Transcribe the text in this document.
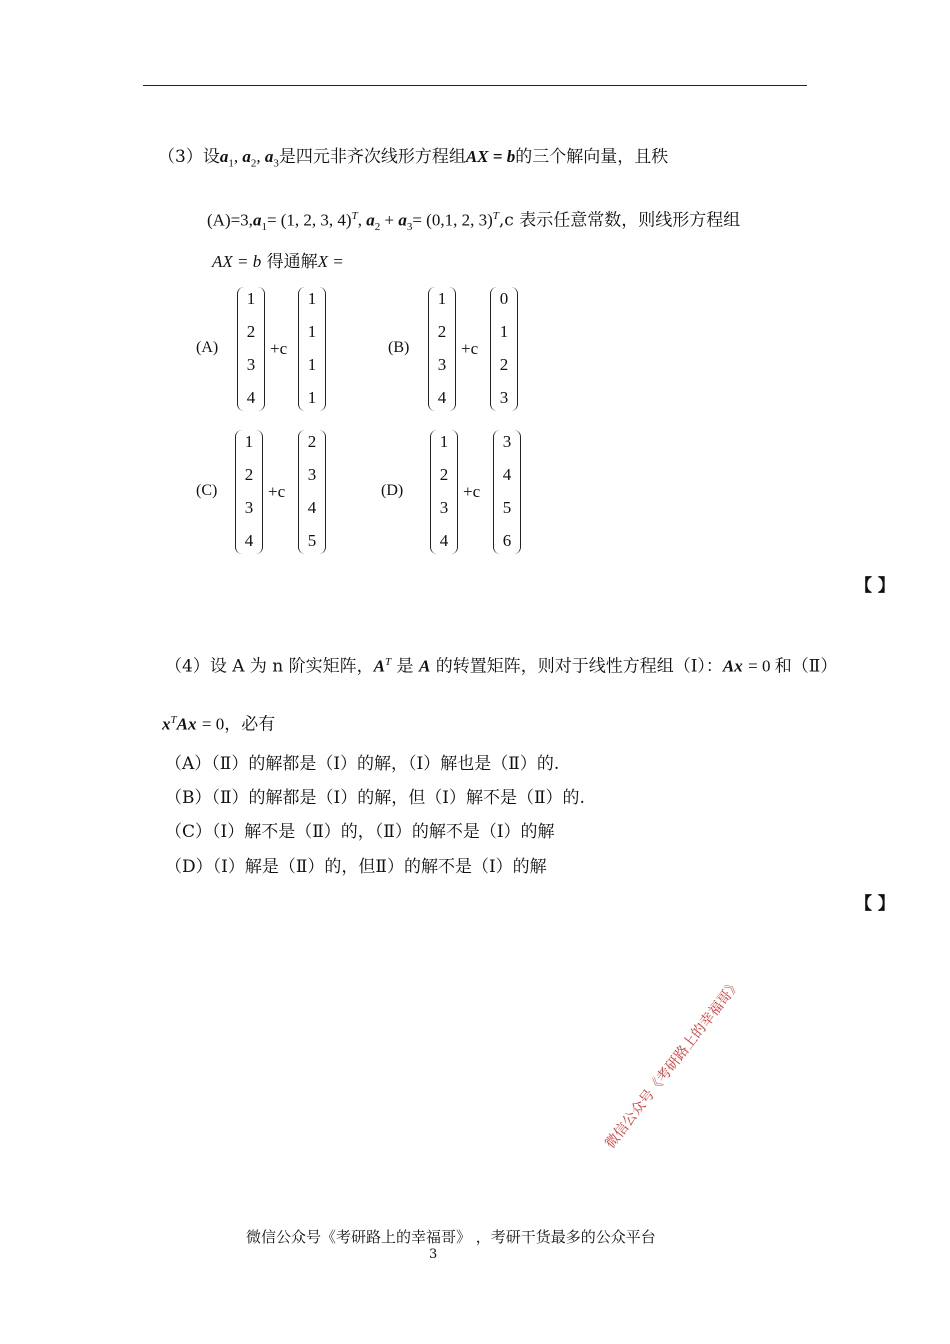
（3）设$a_1$, $a_2$, $a_3$是四元非齐次线形方程组AX = b的三个解向量，且秩
$(A)=3,a_1= (1$, 2, 3, 4)$^T$, $a_2 + a_3= (0,1$, 2, 3)$^T$,c 表示任意常数，则线形方程组
AX = b 得通解X =
(A)
1
2
3
4
+c
1
1
1
1
(B)
1
2
3
4
+c
0
1
2
3
(C)
1
2
3
4
+c
2
3
4
5
(D)
1
2
3
4
+c
3
4
5
6
【 】
（4）设 A 为 n 阶实矩阵，$A^T$ 是 A 的转置矩阵，则对于线性方程组（Ⅰ）：Ax = 0 和（Ⅱ）
$x^TAx = 0$，必有
（A）（Ⅱ）的解都是（Ⅰ）的解，（Ⅰ）解也是（Ⅱ）的.
（B）（Ⅱ）的解都是（Ⅰ）的解，但（Ⅰ）解不是（Ⅱ）的.
（C）（Ⅰ）解不是（Ⅱ）的，（Ⅱ）的解不是（Ⅰ）的解
（D）（Ⅰ）解是（Ⅱ）的，但Ⅱ）的解不是（Ⅰ）的解
【 】
微信公众号《考研路上的幸福哥》
微信公众号《考研路上的幸福哥》 ，考研干货最多的公众平台
3
